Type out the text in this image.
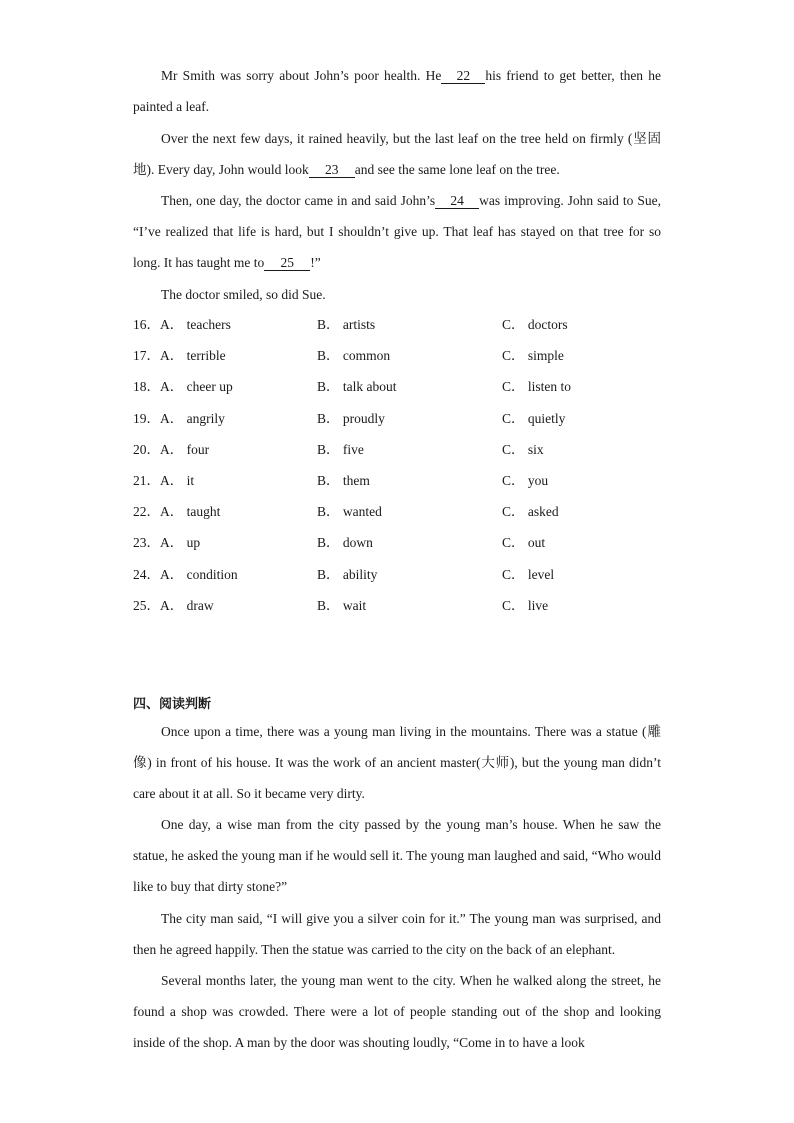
Mr Smith was sorry about John’s poor health. He 22 his friend to get better, then he painted a leaf.

Over the next few days, it rained heavily, but the last leaf on the tree held on firmly (坚固地). Every day, John would look 23 and see the same lone leaf on the tree.

Then, one day, the doctor came in and said John’s 24 was improving. John said to Sue, “I’ve realized that life is hard, but I shouldn’t give up. That leaf has stayed on that tree for so long. It has taught me to 25 !”

The doctor smiled, so did Sue.

16． A． teachers	B． artists	C． doctors
17． A． terrible	B． common	C． simple
18． A． cheer up	B． talk about	C． listen to
19． A． angrily	B． proudly	C． quietly
20． A． four	B． five	C． six
21． A． it	B． them	C． you
22． A． taught	B． wanted	C． asked
23． A． up	B． down	C． out
24． A． condition	B． ability	C． level
25． A． draw	B． wait	C． live

四、阅读判断

Once upon a time, there was a young man living in the mountains. There was a statue (雕像) in front of his house. It was the work of an ancient master(大师), but the young man didn’t care about it at all. So it became very dirty.

One day, a wise man from the city passed by the young man’s house. When he saw the statue, he asked the young man if he would sell it. The young man laughed and said, “Who would like to buy that dirty stone?”

The city man said, “I will give you a silver coin for it.” The young man was surprised, and then he agreed happily. Then the statue was carried to the city on the back of an elephant.

Several months later, the young man went to the city. When he walked along the street, he found a shop was crowded. There were a lot of people standing out of the shop and looking inside of the shop. A man by the door was shouting loudly, “Come in to have a look
